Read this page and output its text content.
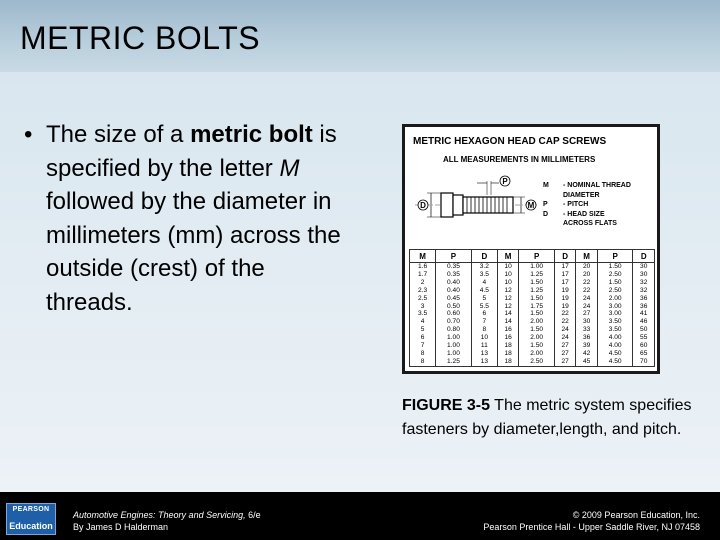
METRIC BOLTS
• The size of a metric bolt is specified by the letter M followed by the diameter in millimeters (mm) across the outside (crest) of the threads.

METRIC HEXAGON HEAD CAP SCREWS
ALL MEASUREMENTS IN MILLIMETERS
D	M
P	M	- NOMINAL THREAD
DIAMETER
P	- PITCH
D	- HEAD SIZE
ACROSS FLATS
M	P	D	M	P	D	M	P	D
1.6	0.35	3.2	10	1.00	17	20	1.50	30
1.7	0.35	3.5	10	1.25	17	20	2.50	30
2	0.40	4	10	1.50	17	22	1.50	32
2.3	0.40	4.5	12	1.25	19	22	2.50	32
2.5	0.45	5	12	1.50	19	24	2.00	36
3	0.50	5.5	12	1.75	19	24	3.00	36
3.5	0.60	6	14	1.50	22	27	3.00	41
4	0.70	7	14	2.00	22	30	3.50	46
5	0.80	8	16	1.50	24	33	3.50	50
6	1.00	10	16	2.00	24	36	4.00	55
7	1.00	11	18	1.50	27	39	4.00	60
8	1.00	13	18	2.00	27	42	4.50	65
8	1.25	13	18	2.50	27	45	4.50	70
FIGURE 3-5 The metric system specifies fasteners by diameter,length, and pitch.
PEARSON
Education
Automotive Engines: Theory and Servicing, 6/e
By James D Halderman
© 2009 Pearson Education, Inc.
Pearson Prentice Hall - Upper Saddle River, NJ 07458
